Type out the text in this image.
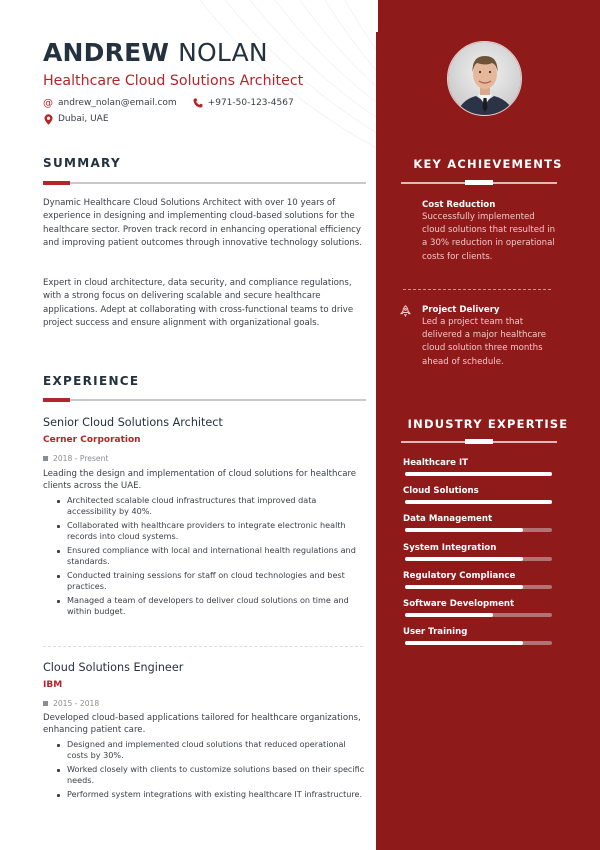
ANDREW NOLAN
Healthcare Cloud Solutions Architect
@ andrew_nolan@email.com	+971-50-123-4567
Dubai, UAE
SUMMARY
Dynamic Healthcare Cloud Solutions Architect with over 10 years of experience in designing and implementing cloud-based solutions for the healthcare sector. Proven track record in enhancing operational efficiency and improving patient outcomes through innovative technology solutions.
Expert in cloud architecture, data security, and compliance regulations, with a strong focus on delivering scalable and secure healthcare applications. Adept at collaborating with cross-functional teams to drive project success and ensure alignment with organizational goals.
EXPERIENCE
Senior Cloud Solutions Architect
Cerner Corporation
2018 - Present
Leading the design and implementation of cloud solutions for healthcare clients across the UAE.
Architected scalable cloud infrastructures that improved data accessibility by 40%.
Collaborated with healthcare providers to integrate electronic health records into cloud systems.
Ensured compliance with local and international health regulations and standards.
Conducted training sessions for staff on cloud technologies and best practices.
Managed a team of developers to deliver cloud solutions on time and within budget.
Cloud Solutions Engineer
IBM
2015 - 2018
Developed cloud-based applications tailored for healthcare organizations, enhancing patient care.
Designed and implemented cloud solutions that reduced operational costs by 30%.
Worked closely with clients to customize solutions based on their specific needs.
Performed system integrations with existing healthcare IT infrastructure.
KEY ACHIEVEMENTS
Cost Reduction
Successfully implemented cloud solutions that resulted in a 30% reduction in operational costs for clients.
Project Delivery
Led a project team that delivered a major healthcare cloud solution three months ahead of schedule.
INDUSTRY EXPERTISE
Healthcare IT
Cloud Solutions
Data Management
System Integration
Regulatory Compliance
Software Development
User Training
